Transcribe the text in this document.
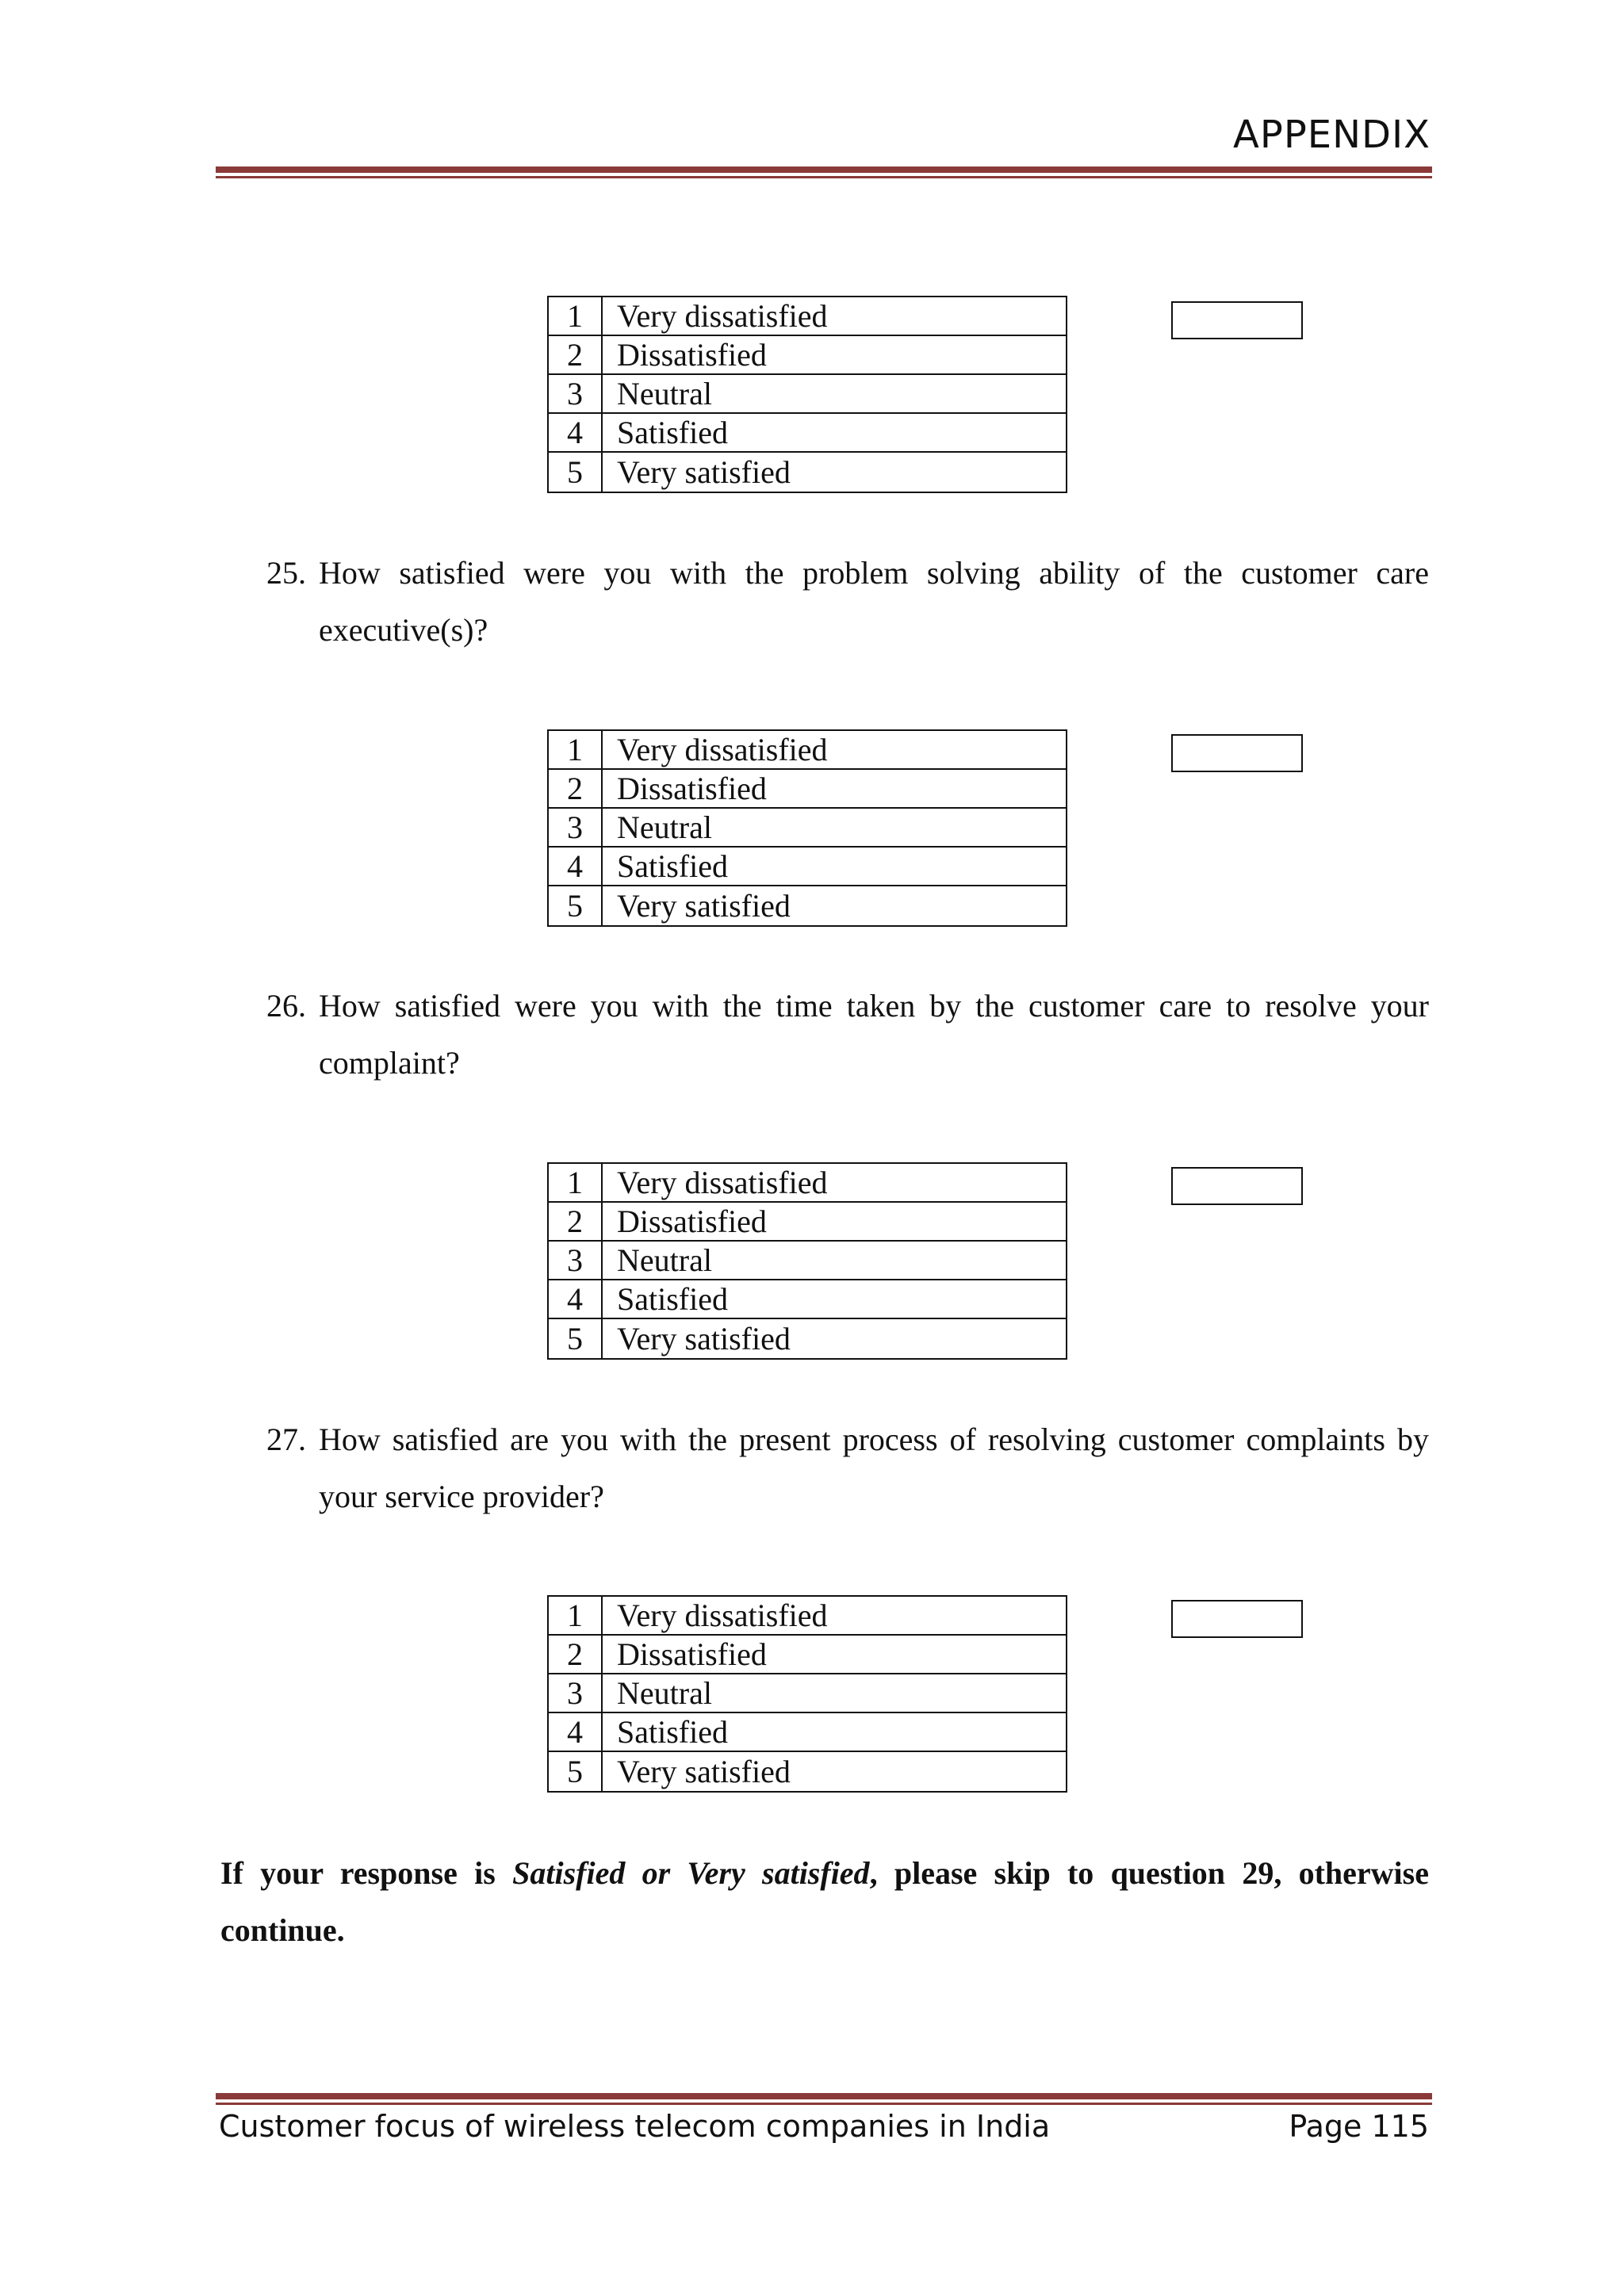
APPENDIX
1	Very dissatisfied
2	Dissatisfied
3	Neutral
4	Satisfied
5	Very satisfied
25. How satisfied were you with the problem solving ability of the customer care executive(s)?
1	Very dissatisfied
2	Dissatisfied
3	Neutral
4	Satisfied
5	Very satisfied
26. How satisfied were you with the time taken by the customer care to resolve your complaint?
1	Very dissatisfied
2	Dissatisfied
3	Neutral
4	Satisfied
5	Very satisfied
27. How satisfied are you with the present process of resolving customer complaints by your service provider?
1	Very dissatisfied
2	Dissatisfied
3	Neutral
4	Satisfied
5	Very satisfied
If your response is Satisfied or Very satisfied, please skip to question 29, otherwise continue.
Customer focus of wireless telecom companies in India	Page 115
